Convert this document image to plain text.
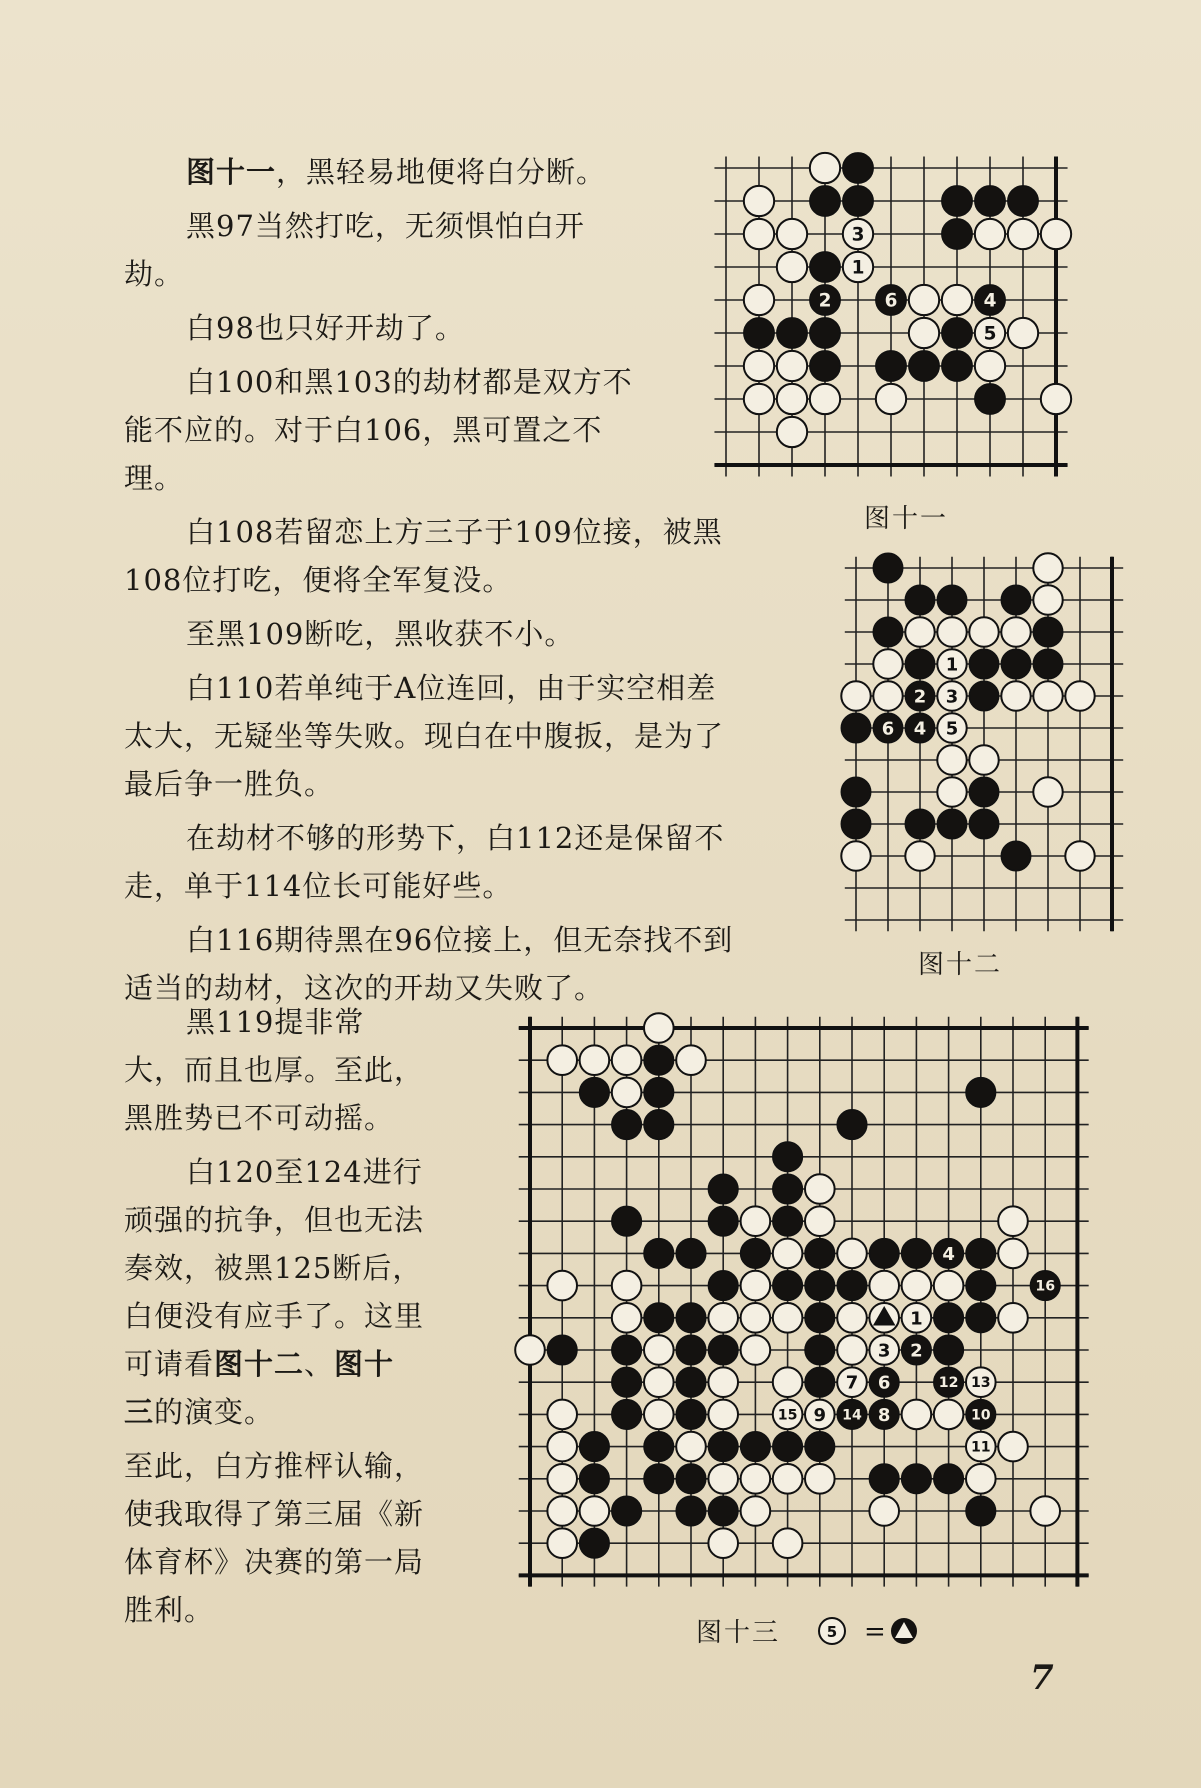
图十一，黑轻易地便将白分断。

黑97当然打吃，无须惧怕白开劫。

白98也只好开劫了。

白100和黑103的劫材都是双方不能不应的。对于白106，黑可置之不理。

白108若留恋上方三子于109位接，被黑108位打吃，便将全军复没。

至黑109断吃，黑收获不小。

白110若单纯于A位连回，由于实空相差太大，无疑坐等失败。现白在中腹扳，是为了最后争一胜负。

在劫材不够的形势下，白112还是保留不走，单于114位长可能好些。

白116期待黑在96位接上，但无奈找不到适当的劫材，这次的开劫又失败了。

黑119提非常大，而且也厚。至此，黑胜势已不可动摇。

白120至124进行顽强的抗争，但也无法奏效，被黑125断后，白便没有应手了。这里可请看图十二、图十三的演变。

至此，白方推枰认输，使我取得了第三届《新体育杯》决赛的第一局胜利。

3
1
2	6	4
5
图十一
1
2 3
6 4 5
图十二
4
16
1
3 2
7 6	12 13
15 9 14 8	10
11
图十三	5 =
7
